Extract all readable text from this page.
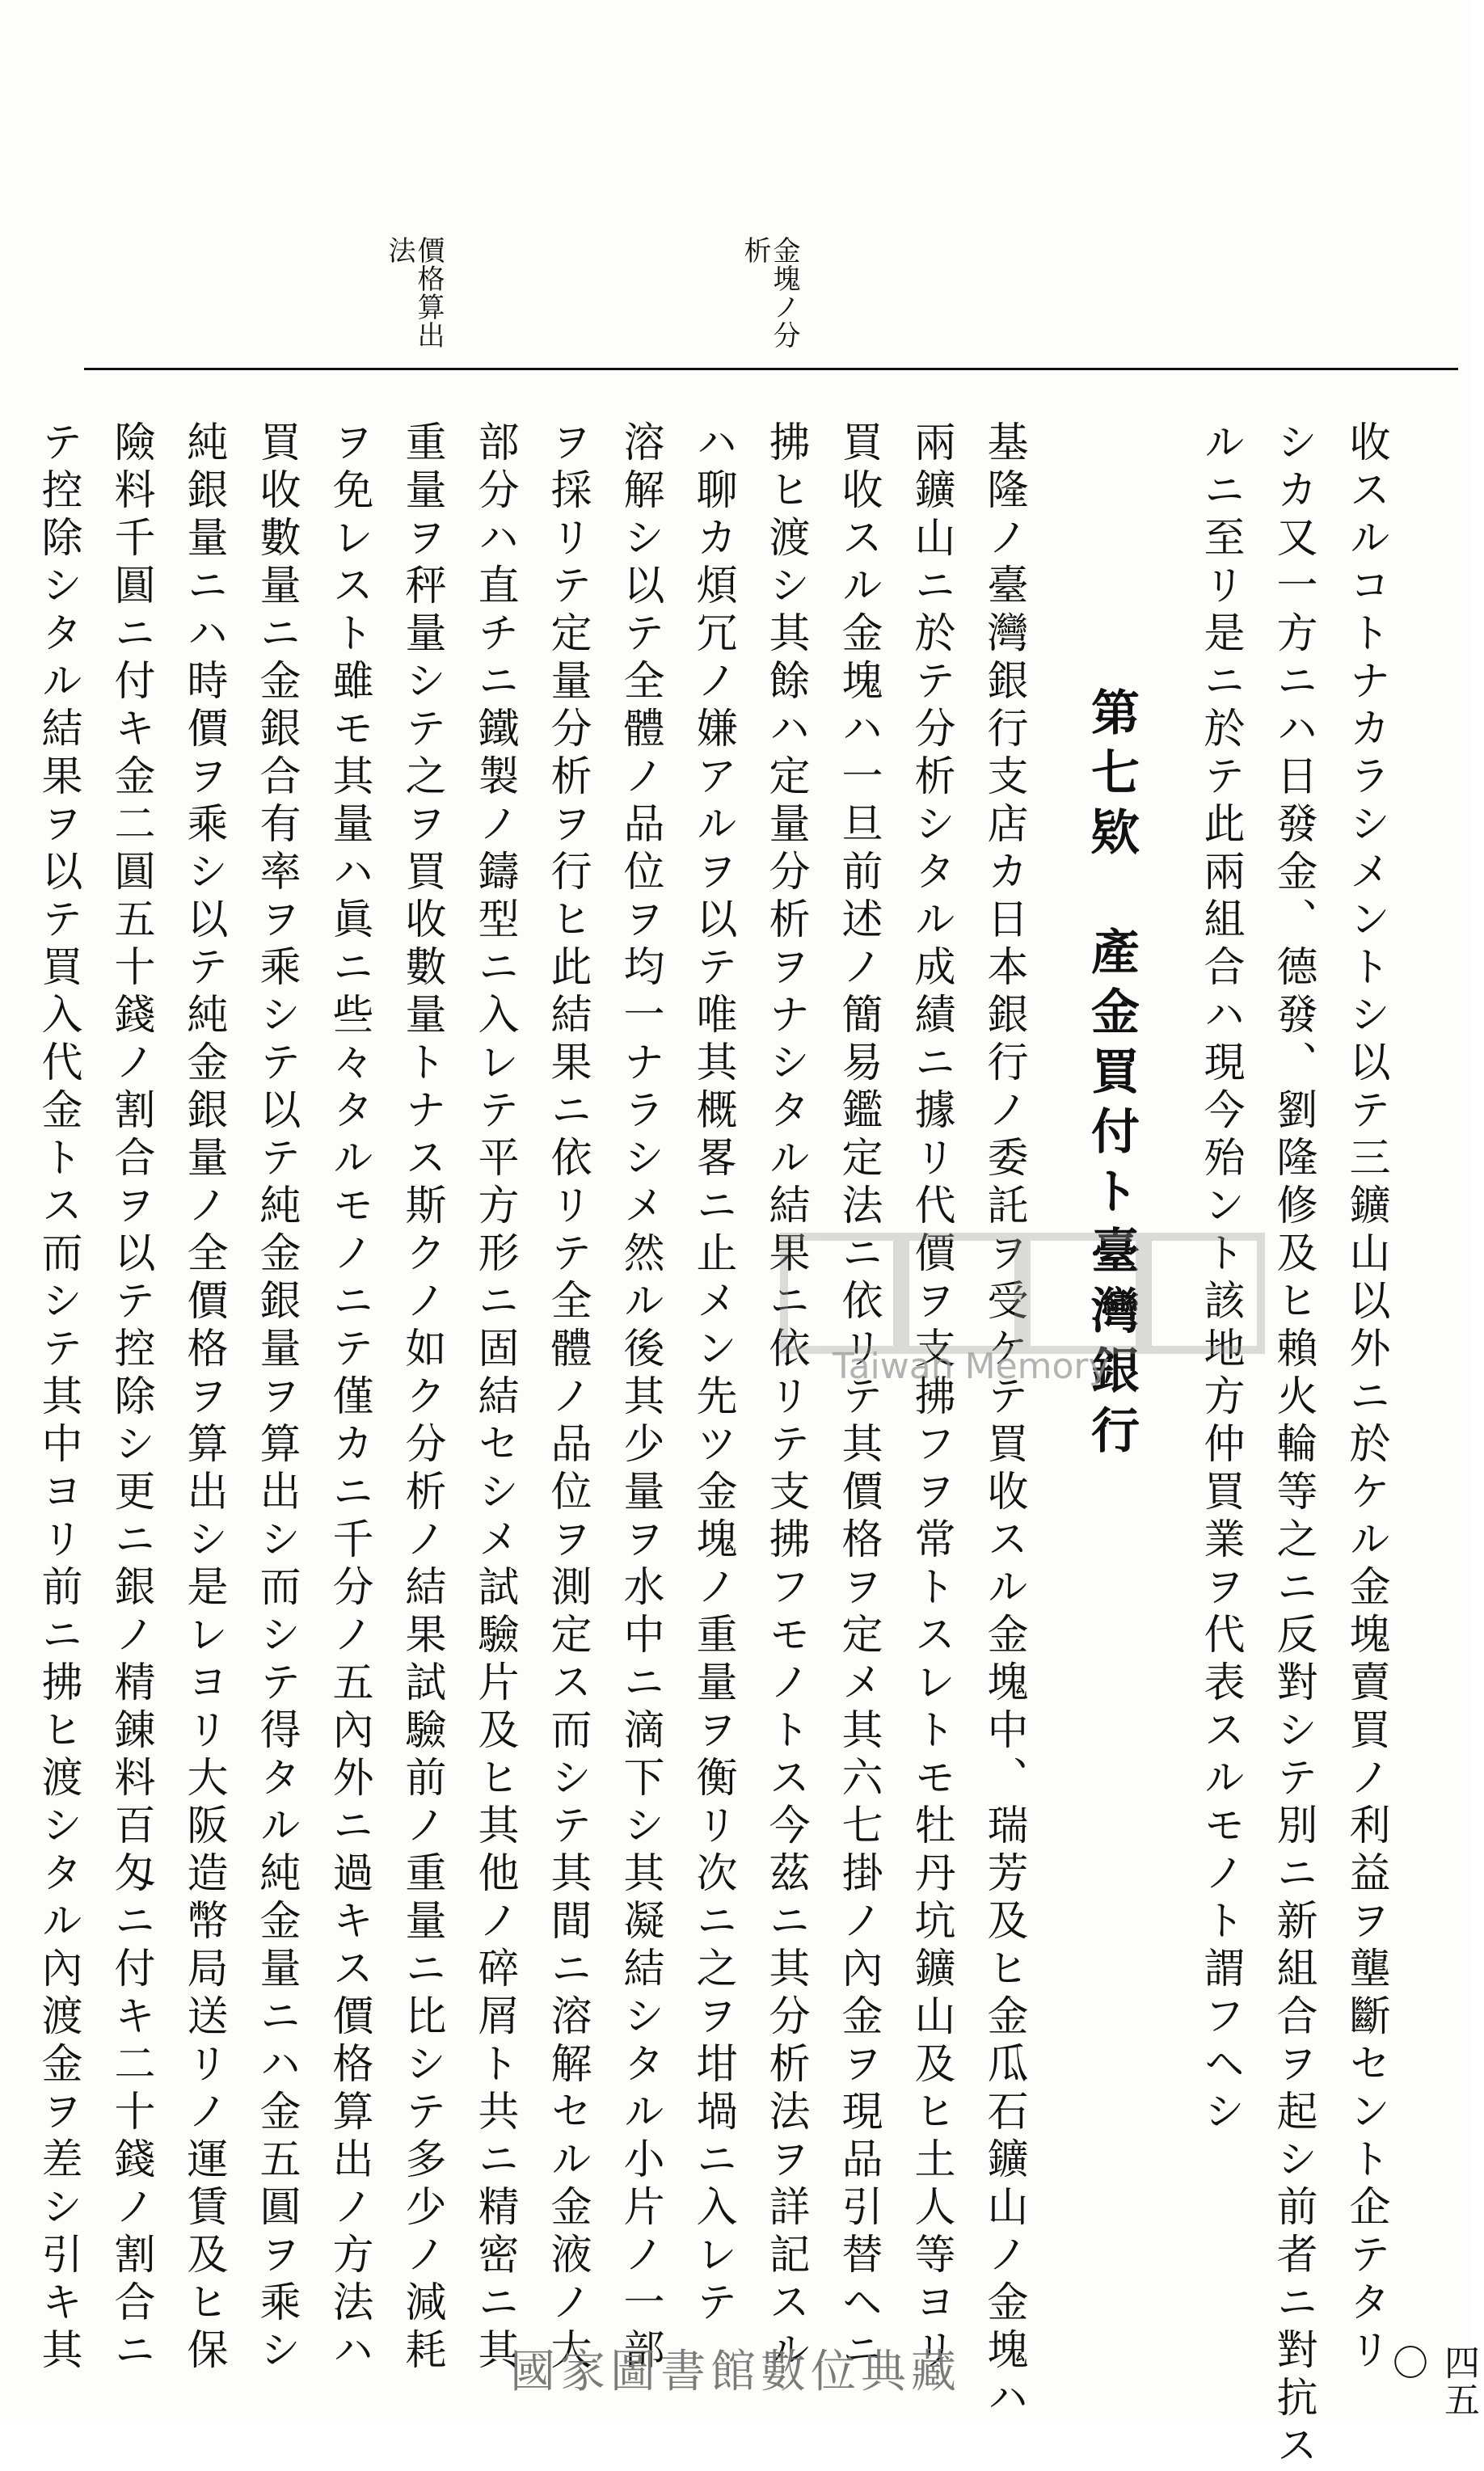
四五〇
金塊ノ分析
價格算出法
收スルコトナカラシメントシ以テ三鑛山以外ニ於ケル金塊賣買ノ利益ヲ壟斷セント企テタリ
シカ又一方ニハ日發金、德發、劉隆修及ヒ賴火輪等之ニ反對シテ別ニ新組合ヲ起シ前者ニ對抗ス
ルニ至リ是ニ於テ此兩組合ハ現今殆ント該地方仲買業ヲ代表スルモノト謂フヘシ
第七欵　產金買付ト臺灣銀行
基隆ノ臺灣銀行支店カ日本銀行ノ委託ヲ受ケテ買收スル金塊中、瑞芳及ヒ金瓜石鑛山ノ金塊ハ
兩鑛山ニ於テ分析シタル成績ニ據リ代價ヲ支拂フヲ常トスレトモ牡丹坑鑛山及ヒ土人等ヨリ
買收スル金塊ハ一旦前述ノ簡易鑑定法ニ依リテ其價格ヲ定メ其六七掛ノ內金ヲ現品引替ヘニ
拂ヒ渡シ其餘ハ定量分析ヲナシタル結果ニ依リテ支拂フモノトス今茲ニ其分析法ヲ詳記スル
ハ聊カ煩冗ノ嫌アルヲ以テ唯其概畧ニ止メン先ツ金塊ノ重量ヲ衡リ次ニ之ヲ坩堝ニ入レテ
溶解シ以テ全體ノ品位ヲ均一ナラシメ然ル後其少量ヲ水中ニ滴下シ其凝結シタル小片ノ一部
ヲ採リテ定量分析ヲ行ヒ此結果ニ依リテ全體ノ品位ヲ測定ス而シテ其間ニ溶解セル金液ノ大
部分ハ直チニ鐵製ノ鑄型ニ入レテ平方形ニ固結セシメ試驗片及ヒ其他ノ碎屑ト共ニ精密ニ其
重量ヲ秤量シテ之ヲ買收數量トナス斯クノ如ク分析ノ結果試驗前ノ重量ニ比シテ多少ノ減耗
ヲ免レスト雖モ其量ハ眞ニ些々タルモノニテ僅カニ千分ノ五內外ニ過キス價格算出ノ方法ハ
買收數量ニ金銀合有率ヲ乘シテ以テ純金銀量ヲ算出シ而シテ得タル純金量ニハ金五圓ヲ乘シ
純銀量ニハ時價ヲ乘シ以テ純金銀量ノ全價格ヲ算出シ是レヨリ大阪造幣局送リノ運賃及ヒ保
險料千圓ニ付キ金二圓五十錢ノ割合ヲ以テ控除シ更ニ銀ノ精錬料百匁ニ付キ二十錢ノ割合ニ
テ控除シタル結果ヲ以テ買入代金トス而シテ其中ヨリ前ニ拂ヒ渡シタル內渡金ヲ差シ引キ其	Taiwan Memory
國家圖書館數位典藏
